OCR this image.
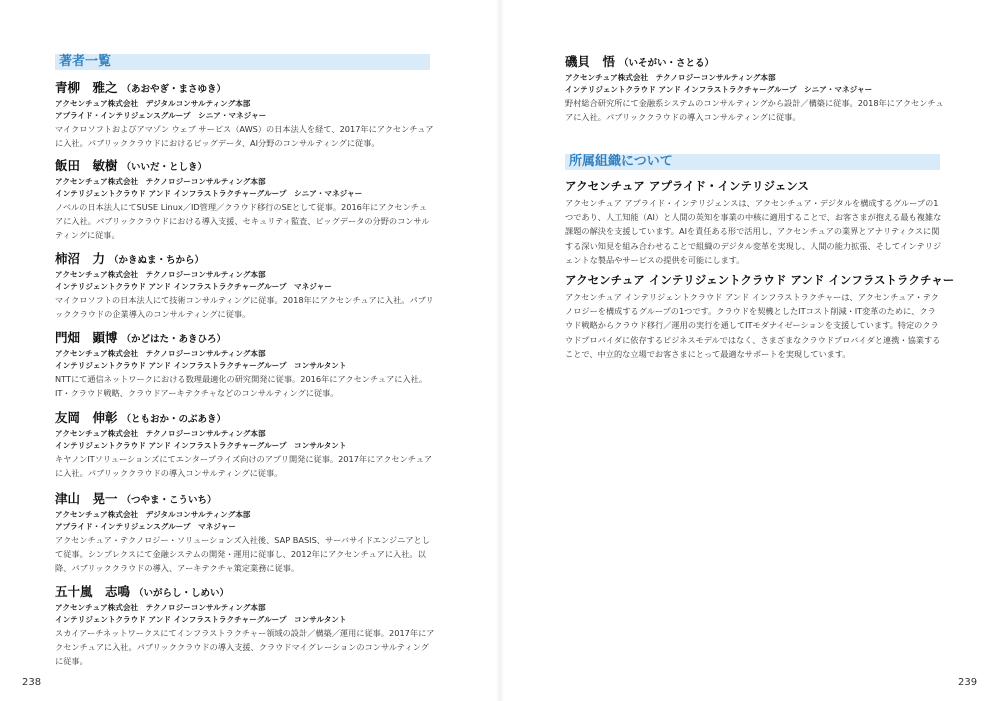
著者一覧
青柳　雅之 （あおやぎ・まさゆき）
アクセンチュア株式会社　デジタルコンサルティング本部
アプライド・インテリジェンスグループ　シニア・マネジャー
マイクロソフトおよびアマゾン ウェブ サービス（AWS）の日本法人を経て、2017年にアクセンチュアに入社。パブリッククラウドにおけるビッグデータ、AI分野のコンサルティングに従事。
飯田　敏樹 （いいだ・としき）
アクセンチュア株式会社　テクノロジーコンサルティング本部
インテリジェントクラウド アンド インフラストラクチャーグループ　シニア・マネジャー
ノベルの日本法人にてSUSE Linux／ID管理／クラウド移行のSEとして従事。2016年にアクセンチュアに入社。パブリッククラウドにおける導入支援、セキュリティ監査、ビッグデータの分野のコンサルティングに従事。
柿沼　力 （かきぬま・ちから）
アクセンチュア株式会社　テクノロジーコンサルティング本部
インテリジェントクラウド アンド インフラストラクチャーグループ　マネジャー
マイクロソフトの日本法人にて技術コンサルティングに従事。2018年にアクセンチュアに入社。パブリッククラウドの企業導入のコンサルティングに従事。
門畑　顕博 （かどはた・あきひろ）
アクセンチュア株式会社　テクノロジーコンサルティング本部
インテリジェントクラウド アンド インフラストラクチャーグループ　コンサルタント
NTTにて通信ネットワークにおける数理最適化の研究開発に従事。2016年にアクセンチュアに入社。IT・クラウド戦略、クラウドアーキテクチャなどのコンサルティングに従事。
友岡　伸彰 （ともおか・のぶあき）
アクセンチュア株式会社　テクノロジーコンサルティング本部
インテリジェントクラウド アンド インフラストラクチャーグループ　コンサルタント
キヤノンITソリューションズにてエンタープライズ向けのアプリ開発に従事。2017年にアクセンチュアに入社。パブリッククラウドの導入コンサルティングに従事。
津山　晃一 （つやま・こういち）
アクセンチュア株式会社　デジタルコンサルティング本部
アプライド・インテリジェンスグループ　マネジャー
アクセンチュア・テクノロジー・ソリューションズ入社後、SAP BASIS、サーバサイドエンジニアとして従事。シンプレクスにて金融システムの開発・運用に従事し、2012年にアクセンチュアに入社。以降、パブリッククラウドの導入、アーキテクチャ策定業務に従事。
五十嵐　志鳴 （いがらし・しめい）
アクセンチュア株式会社　テクノロジーコンサルティング本部
インテリジェントクラウド アンド インフラストラクチャーグループ　コンサルタント
スカイアーチネットワークスにてインフラストラクチャー領域の設計／構築／運用に従事。2017年にアクセンチュアに入社。パブリッククラウドの導入支援、クラウドマイグレーションのコンサルティングに従事。
238
磯貝　悟 （いそがい・さとる）
アクセンチュア株式会社　テクノロジーコンサルティング本部
インテリジェントクラウド アンド インフラストラクチャーグループ　シニア・マネジャー
野村総合研究所にて金融系システムのコンサルティングから設計／構築に従事。2018年にアクセンチュアに入社。パブリッククラウドの導入コンサルティングに従事。
所属組織について
アクセンチュア アプライド・インテリジェンス
アクセンチュア アプライド・インテリジェンスは、アクセンチュア・デジタルを構成するグループの1つであり、人工知能（AI）と人間の英知を事業の中核に適用することで、お客さまが抱える最も複雑な課題の解決を支援しています。AIを責任ある形で活用し、アクセンチュアの業界とアナリティクスに関する深い知見を組み合わせることで組織のデジタル変革を実現し、人間の能力拡張、そしてインテリジェントな製品やサービスの提供を可能にします。
アクセンチュア インテリジェントクラウド アンド インフラストラクチャー
アクセンチュア インテリジェントクラウド アンド インフラストラクチャーは、アクセンチュア・テクノロジーを構成するグループの1つです。クラウドを契機としたITコスト削減・IT変革のために、クラウド戦略からクラウド移行／運用の実行を通してITモダナイゼーションを支援しています。特定のクラウドプロバイダに依存するビジネスモデルではなく、さまざまなクラウドプロバイダと連携・協業することで、中立的な立場でお客さまにとって最適なサポートを実現しています。
239
